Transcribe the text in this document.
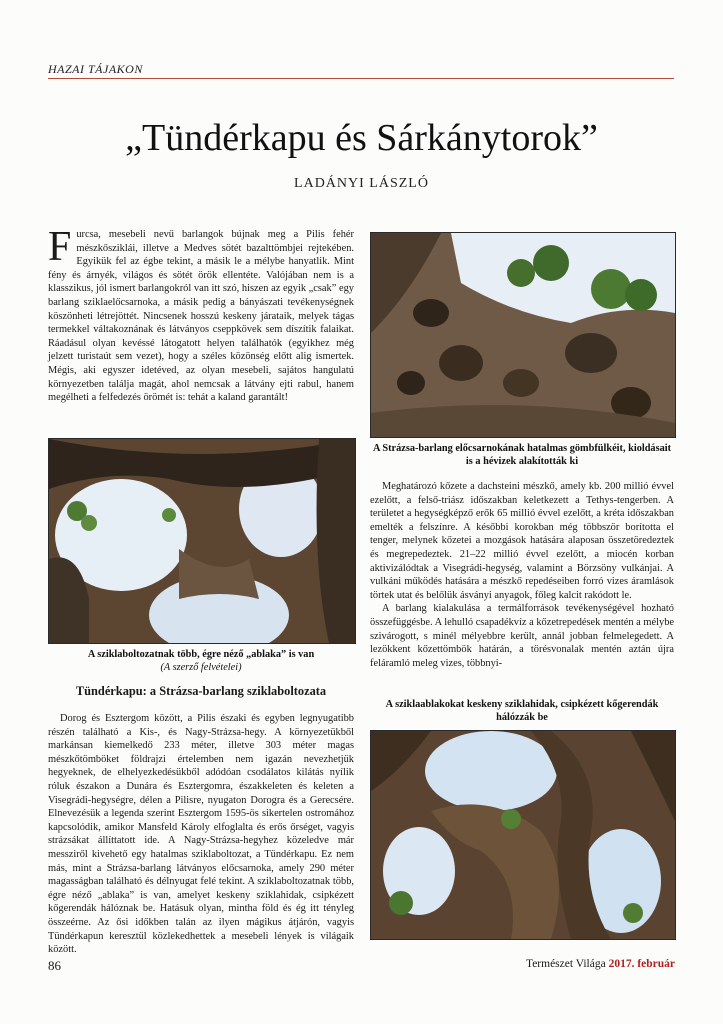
HAZAI TÁJAKON
„Tündérkapu és Sárkánytorok”
LADÁNYI LÁSZLÓ

Furcsa, mesebeli nevű barlangok bújnak meg a Pilis fehér mészkősziklái, illetve a Medves sötét bazalttömbjei rejtekében. Egyikük fel az égbe tekint, a másik le a mélybe hanyatlik. Mint fény és árnyék, világos és sötét örök ellentéte. Valójában nem is a klasszikus, jól ismert barlangokról van itt szó, hiszen az egyik „csak” egy barlang sziklaelőcsarnoka, a másik pedig a bányászati tevékenységnek köszönheti létrejöttét. Nincsenek hosszú keskeny járataik, melyek tágas termekkel váltakoznának és látványos cseppkövek sem díszítik falaikat. Ráadásul olyan kevéssé látogatott helyen találhatók (egyikhez még jelzett turistaút sem vezet), hogy a széles közönség előtt alig ismertek. Mégis, aki egyszer idetéved, az olyan mesebeli, sajátos hangulatú környezetben találja magát, ahol nemcsak a látvány ejti rabul, hanem megélheti a felfedezés örömét is: tehát a kaland garantált!

A sziklaboltozatnak több, égre néző „ablaka” is van
(A szerző felvételei)
Tündérkapu: a Strázsa-barlang sziklaboltozata

Dorog és Esztergom között, a Pilis északi és egyben legnyugatibb részén található a Kis-, és Nagy-Strázsa-hegy. A környezetükből markánsan kiemelkedő 233 méter, illetve 303 méter magas mészkőtömböket földrajzi értelemben nem igazán nevezhetjük hegyeknek, de elhelyezkedésükből adódóan csodálatos kilátás nyílik róluk északon a Dunára és Esztergomra, északkeleten és keleten a Visegrádi-hegységre, délen a Pilisre, nyugaton Dorogra és a Gerecsére. Elnevezésük a legenda szerint Esztergom 1595-ös sikertelen ostromához kapcsolódik, amikor Mansfeld Károly elfoglalta és erős őrséget, vagyis strázsákat állíttatott ide. A Nagy-Strázsa-hegyhez közeledve már messziről kivehető egy hatalmas sziklaboltozat, a Tündérkapu. Ez nem más, mint a Strázsa-barlang látványos előcsarnoka, amely 290 méter magasságban található és délnyugat felé tekint. A sziklaboltozatnak több, égre néző „ablaka” is van, amelyet keskeny sziklahidak, csipkézett kőgerendák hálóznak be. Hatásuk olyan, mintha föld és ég itt tényleg összeérne. Az ősi időkben talán az ilyen mágikus átjárón, vagyis Tündérkapun keresztül közlekedhettek a mesebeli lények is világaik között.

A Strázsa-barlang előcsarnokának hatalmas gömbfülkéit, kioldásait is a hévizek alakították ki

Meghatározó kőzete a dachsteini mészkő, amely kb. 200 millió évvel ezelőtt, a felső-triász időszakban keletkezett a Tethys-tengerben. A területet a hegységképző erők 65 millió évvel ezelőtt, a kréta időszakban emelték a felszínre. A későbbi korokban még többször borította el tenger, melynek kőzetei a mozgások hatására alaposan összetöredeztek és megrepedeztek. 21–22 millió évvel ezelőtt, a miocén korban aktivizálódtak a Visegrádi-hegység, valamint a Börzsöny vulkánjai. A vulkáni működés hatására a mészkő repedéseiben forró vizes áramlások törtek utat és belőlük ásványi anyagok, főleg kalcit rakódott le.

A barlang kialakulása a termálforrások tevékenységével hozható összefüggésbe. A lehulló csapadékvíz a kőzetrepedések mentén a mélybe szivárogott, s minél mélyebbre került, annál jobban felmelegedett. A lezökkent kőzettömbök határán, a törésvonalak mentén aztán újra feláramló meleg vizes, többnyi-

A sziklaablakokat keskeny sziklahidak, csipkézett kőgerendák hálózzák be
86	Természet Világa 2017. február
